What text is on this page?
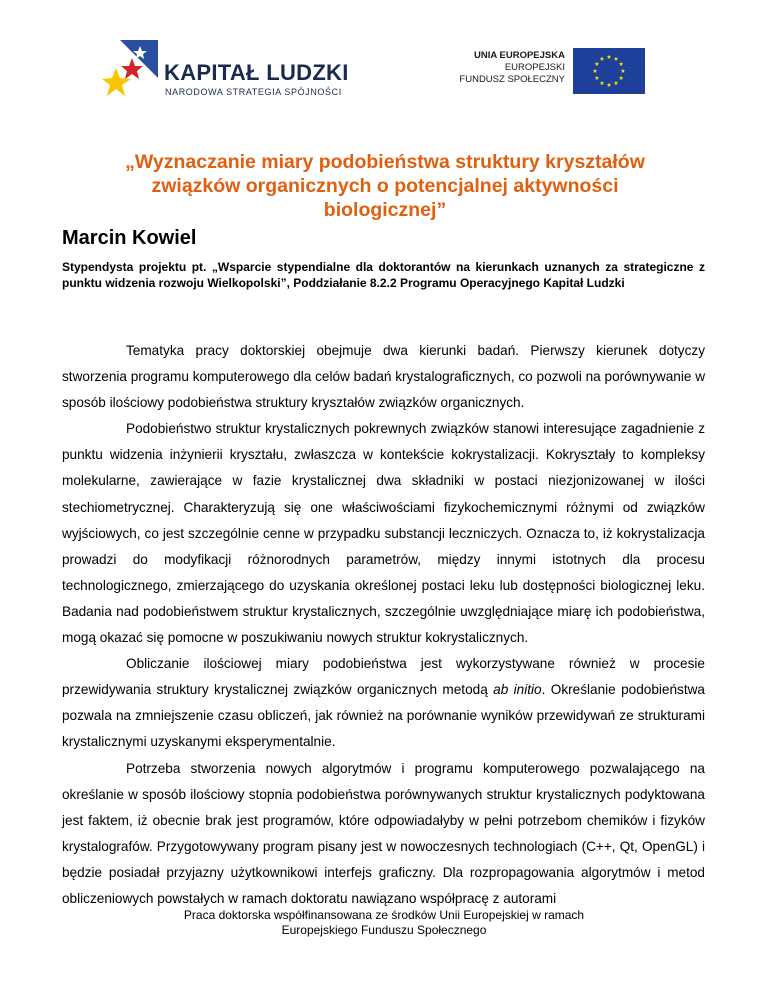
KAPITAŁ LUDZKI
NARODOWA STRATEGIA SPÓJNOŚCI
UNIA EUROPEJSKA
EUROPEJSKI
FUNDUSZ SPOŁECZNY
„Wyznaczanie miary podobieństwa struktury kryształów związków organicznych o potencjalnej aktywności biologicznej”
Marcin Kowiel
Stypendysta projektu pt. „Wsparcie stypendialne dla doktorantów na kierunkach uznanych za strategiczne z punktu widzenia rozwoju Wielkopolski”, Poddziałanie 8.2.2 Programu Operacyjnego Kapitał Ludzki

Tematyka pracy doktorskiej obejmuje dwa kierunki badań. Pierwszy kierunek dotyczy stworzenia programu komputerowego dla celów badań krystalograficznych, co pozwoli na porównywanie w sposób ilościowy podobieństwa struktury kryształów związków organicznych.

Podobieństwo struktur krystalicznych pokrewnych związków stanowi interesujące zagadnienie z punktu widzenia inżynierii kryształu, zwłaszcza w kontekście kokrystalizacji. Kokryształy to kompleksy molekularne, zawierające w fazie krystalicznej dwa składniki w postaci niezjonizowanej w ilości stechiometrycznej. Charakteryzują się one właściwościami fizykochemicznymi różnymi od związków wyjściowych, co jest szczególnie cenne w przypadku substancji leczniczych. Oznacza to, iż kokrystalizacja prowadzi do modyfikacji różnorodnych parametrów, między innymi istotnych dla procesu technologicznego, zmierzającego do uzyskania określonej postaci leku lub dostępności biologicznej leku. Badania nad podobieństwem struktur krystalicznych, szczególnie uwzględniające miarę ich podobieństwa, mogą okazać się pomocne w poszukiwaniu nowych struktur kokrystalicznych.

Obliczanie ilościowej miary podobieństwa jest wykorzystywane również w procesie przewidywania struktury krystalicznej związków organicznych metodą ab initio. Określanie podobieństwa pozwala na zmniejszenie czasu obliczeń, jak również na porównanie wyników przewidywań ze strukturami krystalicznymi uzyskanymi eksperymentalnie.

Potrzeba stworzenia nowych algorytmów i programu komputerowego pozwalającego na określanie w sposób ilościowy stopnia podobieństwa porównywanych struktur krystalicznych podyktowana jest faktem, iż obecnie brak jest programów, które odpowiadałyby w pełni potrzebom chemików i fizyków krystalografów. Przygotowywany program pisany jest w nowoczesnych technologiach (C++, Qt, OpenGL) i będzie posiadał przyjazny użytkownikowi interfejs graficzny. Dla rozpropagowania algorytmów i metod obliczeniowych powstałych w ramach doktoratu nawiązano współpracę z autorami

Praca doktorska współfinansowana ze środków Unii Europejskiej w ramach
Europejskiego Funduszu Społecznego
